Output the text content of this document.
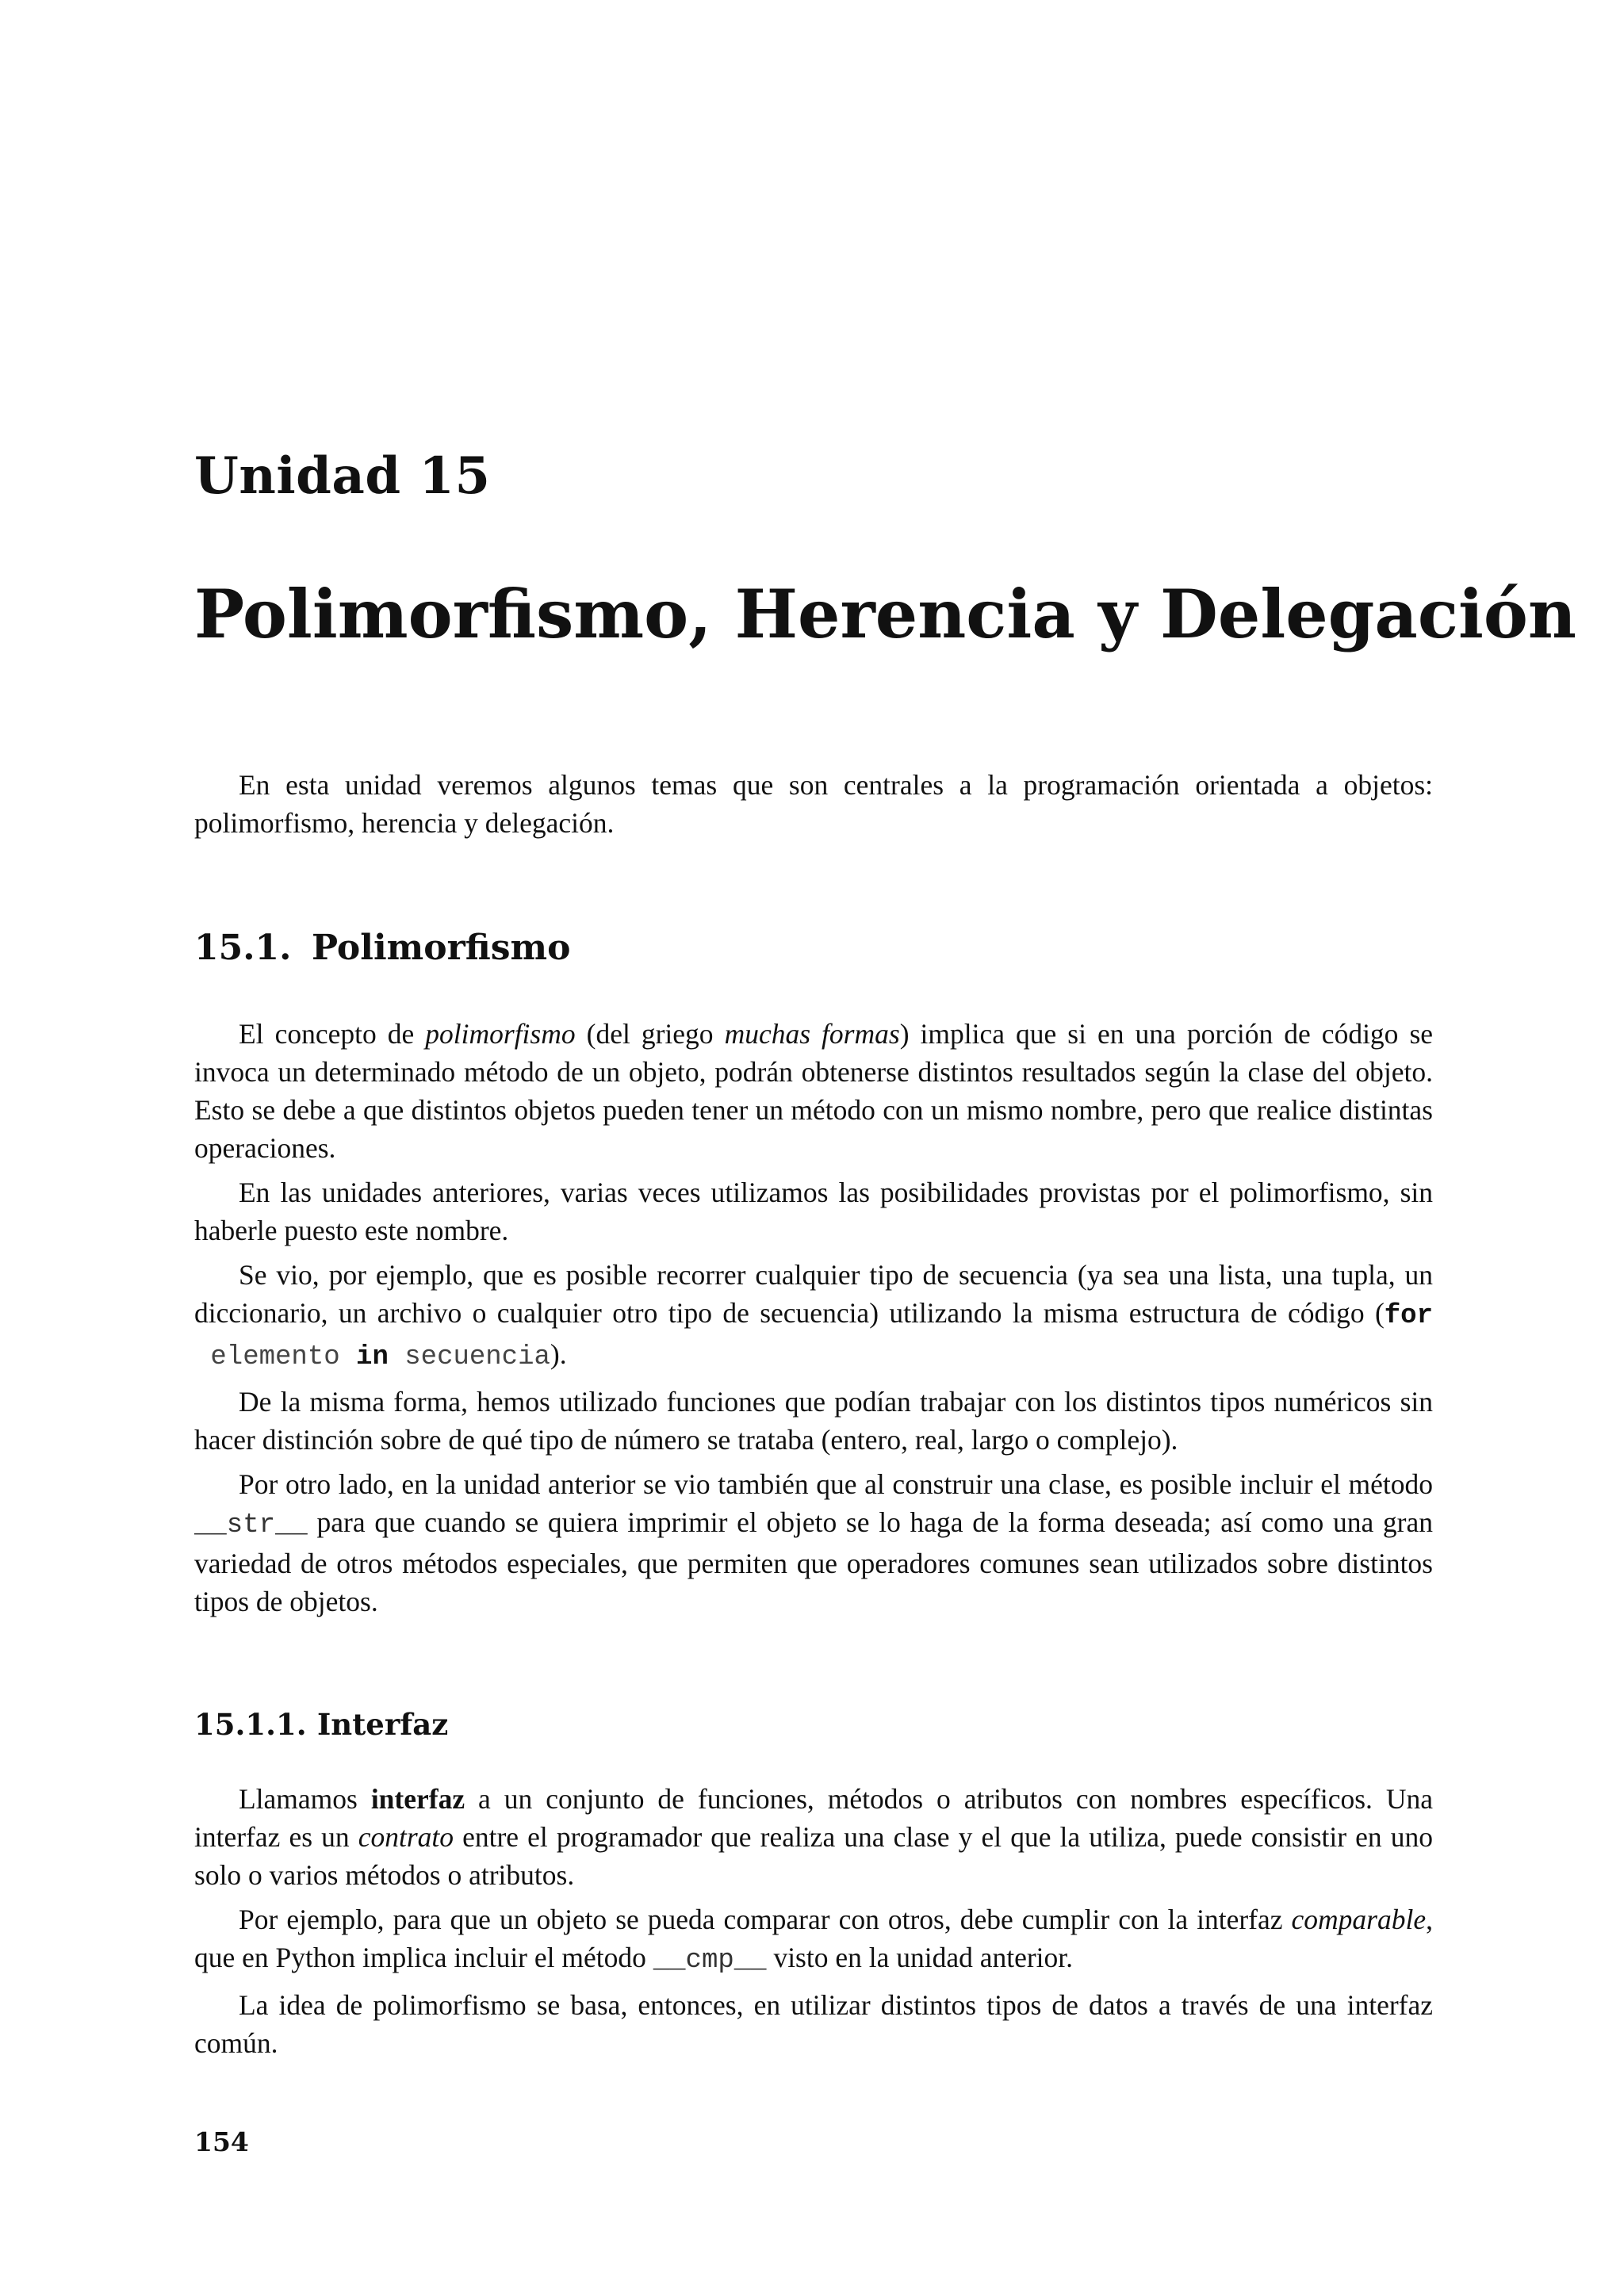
Unidad 15
Polimorfismo, Herencia y Delegación

En esta unidad veremos algunos temas que son centrales a la programación orientada a objetos: polimorfismo, herencia y delegación.

15.1. Polimorfismo

El concepto de polimorfismo (del griego muchas formas) implica que si en una porción de código se invoca un determinado método de un objeto, podrán obtenerse distintos resultados según la clase del objeto. Esto se debe a que distintos objetos pueden tener un método con un mismo nombre, pero que realice distintas operaciones.

En las unidades anteriores, varias veces utilizamos las posibilidades provistas por el polimorfismo, sin haberle puesto este nombre.

Se vio, por ejemplo, que es posible recorrer cualquier tipo de secuencia (ya sea una lista, una tupla, un diccionario, un archivo o cualquier otro tipo de secuencia) utilizando la misma estructura de código (for elemento in secuencia).

De la misma forma, hemos utilizado funciones que podían trabajar con los distintos tipos numéricos sin hacer distinción sobre de qué tipo de número se trataba (entero, real, largo o complejo).

Por otro lado, en la unidad anterior se vio también que al construir una clase, es posible incluir el método __str__ para que cuando se quiera imprimir el objeto se lo haga de la forma deseada; así como una gran variedad de otros métodos especiales, que permiten que operadores comunes sean utilizados sobre distintos tipos de objetos.

15.1.1. Interfaz

Llamamos interfaz a un conjunto de funciones, métodos o atributos con nombres específicos. Una interfaz es un contrato entre el programador que realiza una clase y el que la utiliza, puede consistir en uno solo o varios métodos o atributos.

Por ejemplo, para que un objeto se pueda comparar con otros, debe cumplir con la interfaz comparable, que en Python implica incluir el método __cmp__ visto en la unidad anterior.

La idea de polimorfismo se basa, entonces, en utilizar distintos tipos de datos a través de una interfaz común.

154
